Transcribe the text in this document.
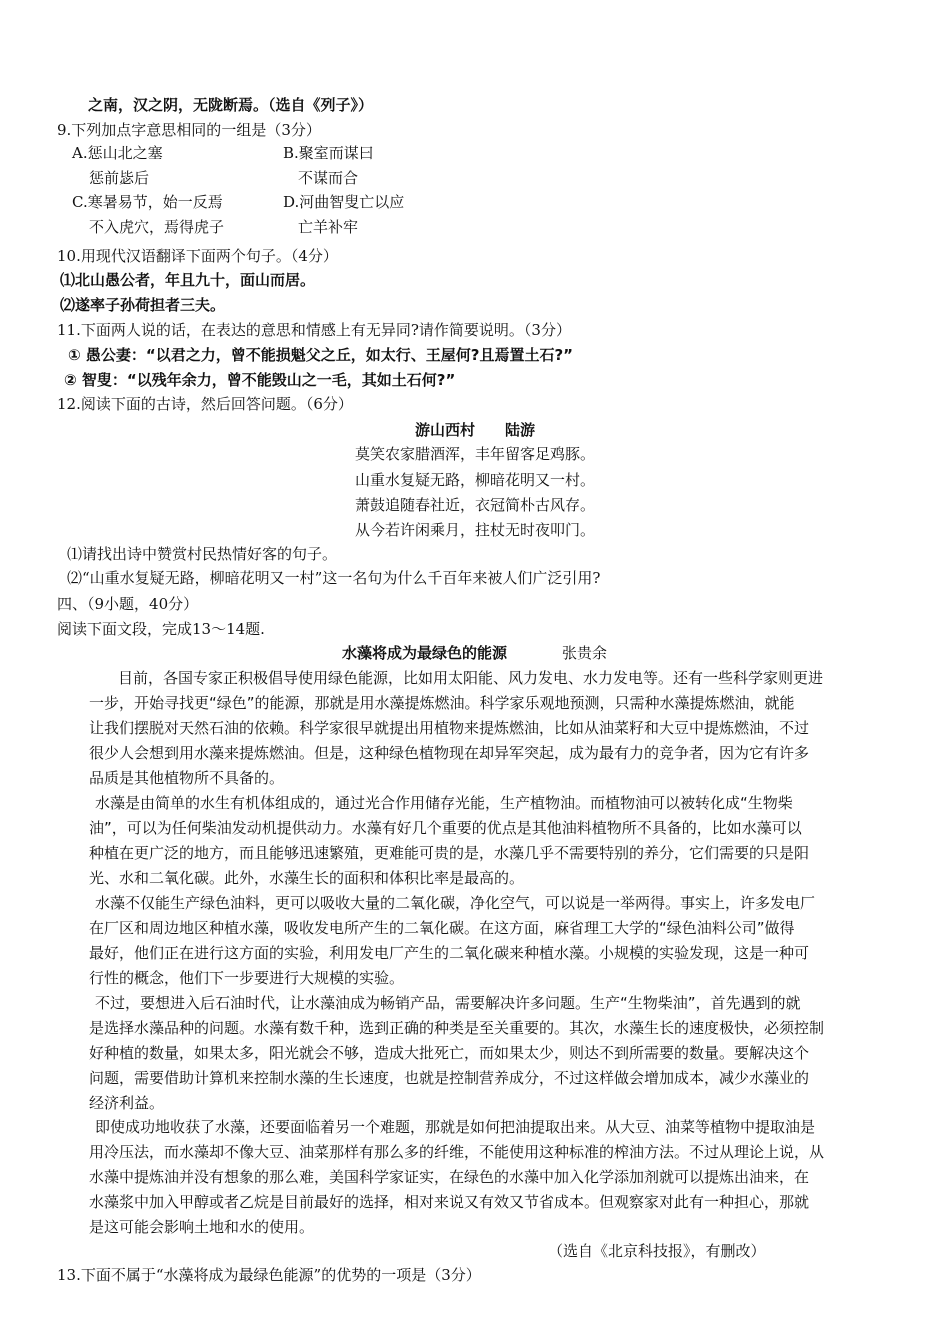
之南，汉之阴，无陇断焉。（选自《列子》）
9.下列加点字意思相同的一组是（3分）
A.惩山北之塞	B.聚室而谋曰
惩前毖后	不谋而合
C.寒暑易节，始一反焉	D.河曲智叟亡以应
不入虎穴，焉得虎子	亡羊补牢
10.用现代汉语翻译下面两个句子。（4分）
⑴北山愚公者，年且九十，面山而居。
⑵遂率子孙荷担者三夫。
11.下面两人说的话，在表达的意思和情感上有无异同?请作简要说明。（3分）
① 愚公妻：“以君之力，曾不能损魁父之丘，如太行、王屋何?且焉置土石?”
② 智叟：“以残年余力，曾不能毁山之一毛，其如土石何?”
12.阅读下面的古诗，然后回答问题。（6分）
游山西村　　陆游
莫笑农家腊酒浑，丰年留客足鸡豚。
山重水复疑无路，柳暗花明又一村。
萧鼓追随春社近，衣冠简朴古风存。
从今若许闲乘月，拄杖无时夜叩门。
⑴请找出诗中赞赏村民热情好客的句子。
⑵“山重水复疑无路，柳暗花明又一村”这一名句为什么千百年来被人们广泛引用?
四、（9小题，40分）
阅读下面文段，完成13～14题.
水藻将成为最绿色的能源	张贵余
目前，各国专家正积极倡导使用绿色能源，比如用太阳能、风力发电、水力发电等。还有一些科学家则更进
一步，开始寻找更“绿色”的能源，那就是用水藻提炼燃油。科学家乐观地预测，只需种水藻提炼燃油，就能
让我们摆脱对天然石油的依赖。科学家很早就提出用植物来提炼燃油，比如从油菜籽和大豆中提炼燃油，不过
很少人会想到用水藻来提炼燃油。但是，这种绿色植物现在却异军突起，成为最有力的竞争者，因为它有许多
品质是其他植物所不具备的。
水藻是由简单的水生有机体组成的，通过光合作用储存光能，生产植物油。而植物油可以被转化成“生物柴
油”，可以为任何柴油发动机提供动力。水藻有好几个重要的优点是其他油料植物所不具备的，比如水藻可以
种植在更广泛的地方，而且能够迅速繁殖，更难能可贵的是，水藻几乎不需要特别的养分，它们需要的只是阳
光、水和二氧化碳。此外，水藻生长的面积和体积比率是最高的。
水藻不仅能生产绿色油料，更可以吸收大量的二氧化碳，净化空气，可以说是一举两得。事实上，许多发电厂
在厂区和周边地区种植水藻，吸收发电所产生的二氧化碳。在这方面，麻省理工大学的“绿色油料公司”做得
最好，他们正在进行这方面的实验，利用发电厂产生的二氧化碳来种植水藻。小规模的实验发现，这是一种可
行性的概念，他们下一步要进行大规模的实验。
不过，要想进入后石油时代，让水藻油成为畅销产品，需要解决许多问题。生产“生物柴油”，首先遇到的就
是选择水藻品种的问题。水藻有数千种，选到正确的种类是至关重要的。其次，水藻生长的速度极快，必须控制
好种植的数量，如果太多，阳光就会不够，造成大批死亡，而如果太少，则达不到所需要的数量。要解决这个
问题，需要借助计算机来控制水藻的生长速度，也就是控制营养成分，不过这样做会增加成本，减少水藻业的
经济利益。
即使成功地收获了水藻，还要面临着另一个难题，那就是如何把油提取出来。从大豆、油菜等植物中提取油是
用冷压法，而水藻却不像大豆、油菜那样有那么多的纤维，不能使用这种标准的榨油方法。不过从理论上说，从
水藻中提炼油并没有想象的那么难，美国科学家证实，在绿色的水藻中加入化学添加剂就可以提炼出油来，在
水藻浆中加入甲醇或者乙烷是目前最好的选择，相对来说又有效又节省成本。但观察家对此有一种担心，那就
是这可能会影响土地和水的使用。
（选自《北京科技报》，有删改）
13.下面不属于“水藻将成为最绿色能源”的优势的一项是（3分）
